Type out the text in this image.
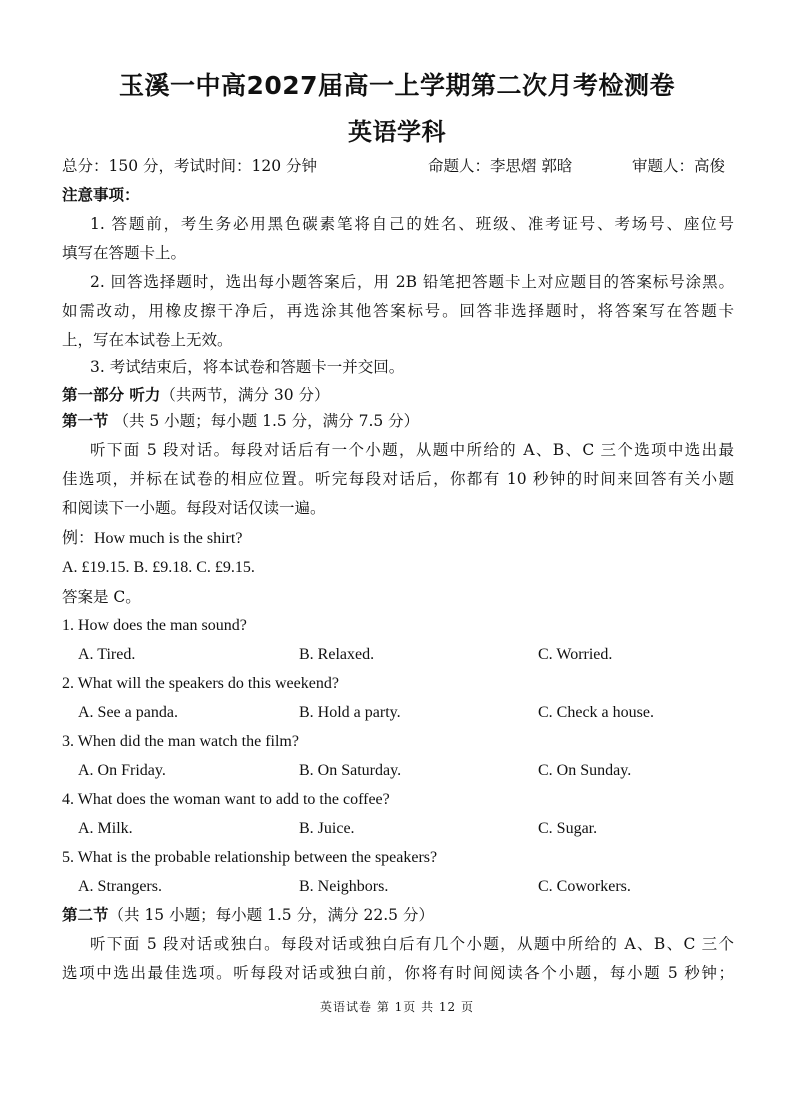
玉溪一中高2027届高一上学期第二次月考检测卷
英语学科
总分：150 分，考试时间：120 分钟	命题人：李思熠 郭晗	审题人：高俊
注意事项：
1. 答题前，考生务必用黑色碳素笔将自己的姓名、班级、准考证号、考场号、座位号
填写在答题卡上。
2. 回答选择题时，选出每小题答案后，用 2B 铅笔把答题卡上对应题目的答案标号涂黑。
如需改动，用橡皮擦干净后，再选涂其他答案标号。回答非选择题时，将答案写在答题卡
上，写在本试卷上无效。
3. 考试结束后，将本试卷和答题卡一并交回。
第一部分 听力（共两节，满分 30 分）
第一节 （共 5 小题；每小题 1.5 分，满分 7.5 分）
听下面 5 段对话。每段对话后有一个小题，从题中所给的 A、B、C 三个选项中选出最
佳选项，并标在试卷的相应位置。听完每段对话后，你都有 10 秒钟的时间来回答有关小题
和阅读下一小题。每段对话仅读一遍。
例：How much is the shirt?
A. £19.15. B. £9.18. C. £9.15.
答案是 C。
1. How does the man sound?
A. Tired.	B. Relaxed.	C. Worried.
2. What will the speakers do this weekend?
A. See a panda.	B. Hold a party.	C. Check a house.
3. When did the man watch the film?
A. On Friday.	B. On Saturday.	C. On Sunday.
4. What does the woman want to add to the coffee?
A. Milk.	B. Juice.	C. Sugar.
5. What is the probable relationship between the speakers?
A. Strangers.	B. Neighbors.	C. Coworkers.
第二节（共 15 小题；每小题 1.5 分，满分 22.5 分）
听下面 5 段对话或独白。每段对话或独白后有几个小题，从题中所给的 A、B、C 三个
选项中选出最佳选项。听每段对话或独白前，你将有时间阅读各个小题，每小题 5 秒钟；
英语试卷 第 1页 共 12 页
